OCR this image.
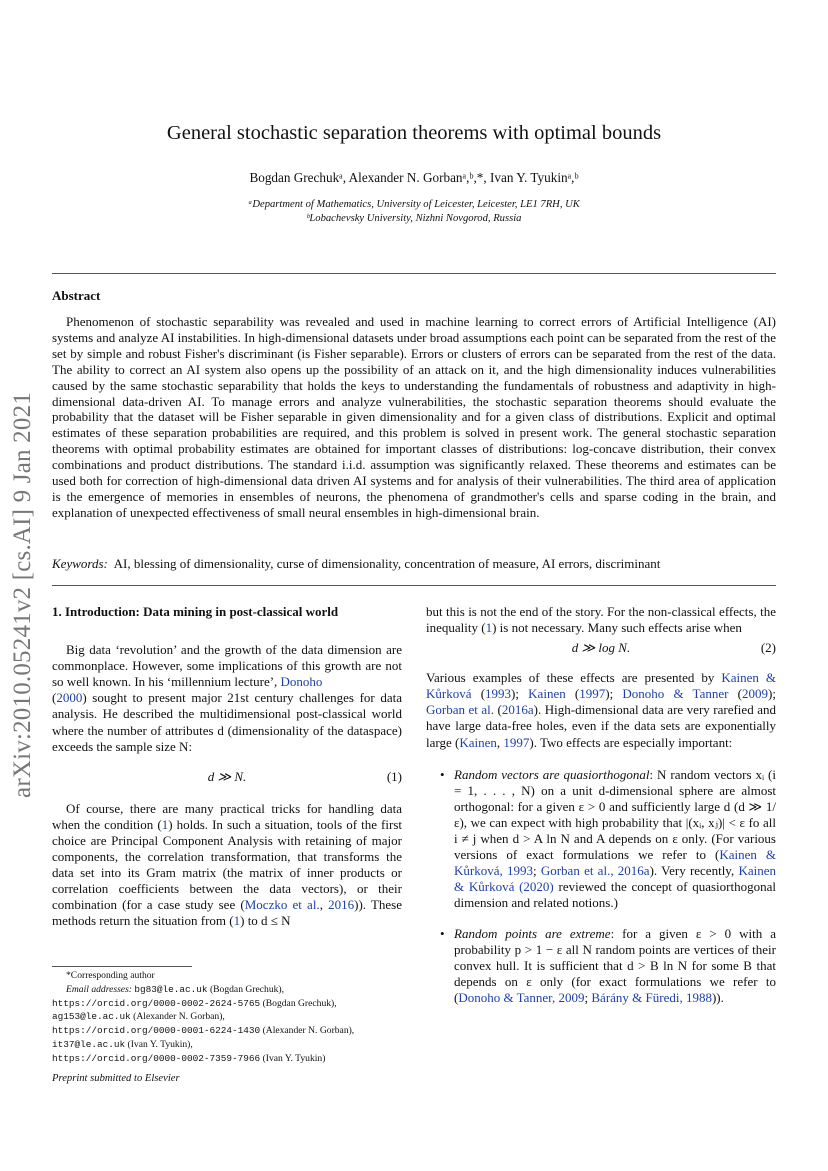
arXiv:2010.05241v2 [cs.AI] 9 Jan 2021
General stochastic separation theorems with optimal bounds
Bogdan Grechukᵃ, Alexander N. Gorbanᵃ,ᵇ,*, Ivan Y. Tyukinᵃ,ᵇ
ᵃDepartment of Mathematics, University of Leicester, Leicester, LE1 7RH, UK
ᵇLobachevsky University, Nizhni Novgorod, Russia
Abstract

Phenomenon of stochastic separability was revealed and used in machine learning to correct errors of Artificial Intelligence (AI) systems and analyze AI instabilities. In high-dimensional datasets under broad assumptions each point can be separated from the rest of the set by simple and robust Fisher's discriminant (is Fisher separable). Errors or clusters of errors can be separated from the rest of the data. The ability to correct an AI system also opens up the possibility of an attack on it, and the high dimensionality induces vulnerabilities caused by the same stochastic separability that holds the keys to understanding the fundamentals of robustness and adaptivity in high-dimensional data-driven AI. To manage errors and analyze vulnerabilities, the stochastic separation theorems should evaluate the probability that the dataset will be Fisher separable in given dimensionality and for a given class of distributions. Explicit and optimal estimates of these separation probabilities are required, and this problem is solved in present work. The general stochastic separation theorems with optimal probability estimates are obtained for important classes of distributions: log-concave distribution, their convex combinations and product distributions. The standard i.i.d. assumption was significantly relaxed. These theorems and estimates can be used both for correction of high-dimensional data driven AI systems and for analysis of their vulnerabilities. The third area of application is the emergence of memories in ensembles of neurons, the phenomena of grandmother's cells and sparse coding in the brain, and explanation of unexpected effectiveness of small neural ensembles in high-dimensional brain.

Keywords: AI, blessing of dimensionality, curse of dimensionality, concentration of measure, AI errors, discriminant

1. Introduction: Data mining in post-classical world

Big data ‘revolution’ and the growth of the data dimension are commonplace. However, some implications of this growth are not so well known. In his ‘millennium lecture’, Donoho
(2000) sought to present major 21st century challenges for data analysis. He described the multidimensional post-classical world where the number of attributes d (dimensionality of the dataspace) exceeds the sample size N:

d ≫ N.	(1)

Of course, there are many practical tricks for handling data when the condition (1) holds. In such a situation, tools of the first choice are Principal Component Analysis with retaining of major components, the correlation transformation, that transforms the data set into its Gram matrix (the matrix of inner products or correlation coefficients between the data vectors), or their combination (for a case study see (Moczko et al., 2016)). These methods return the situation from (1) to d ≤ N

but this is not the end of the story. For the non-classical effects, the inequality (1) is not necessary. Many such effects arise when

d ≫ log N.	(2)

Various examples of these effects are presented by Kainen & Kůrková (1993); Kainen (1997); Donoho & Tanner (2009); Gorban et al. (2016a). High-dimensional data are very rarefied and have large data-free holes, even if the data sets are exponentially large (Kainen, 1997). Two effects are especially important:

• Random vectors are quasiorthogonal: N random vectors xᵢ (i = 1, . . . , N) on a unit d-dimensional sphere are almost orthogonal: for a given ε > 0 and sufficiently large d (d ≫ 1/ε), we can expect with high probability that |(xᵢ, xⱼ)| < ε fo all i ≠ j when d > A ln N and A depends on ε only. (For various versions of exact formulations we refer to (Kainen & Kůrková, 1993; Gorban et al., 2016a). Very recently, Kainen & Kůrková (2020) reviewed the concept of quasiorthogonal dimension and related notions.)
• Random points are extreme: for a given ε > 0 with a probability p > 1 − ε all N random points are vertices of their convex hull. It is sufficient that d > B ln N for some B that depends on ε only (for exact formulations we refer to (Donoho & Tanner, 2009; Bárány & Füredi, 1988)).
*Corresponding author
Email addresses: bg83@le.ac.uk (Bogdan Grechuk),
https://orcid.org/0000-0002-2624-5765 (Bogdan Grechuk),
ag153@le.ac.uk (Alexander N. Gorban),
https://orcid.org/0000-0001-6224-1430 (Alexander N. Gorban),
it37@le.ac.uk (Ivan Y. Tyukin),
https://orcid.org/0000-0002-7359-7966 (Ivan Y. Tyukin)
Preprint submitted to Elsevier
